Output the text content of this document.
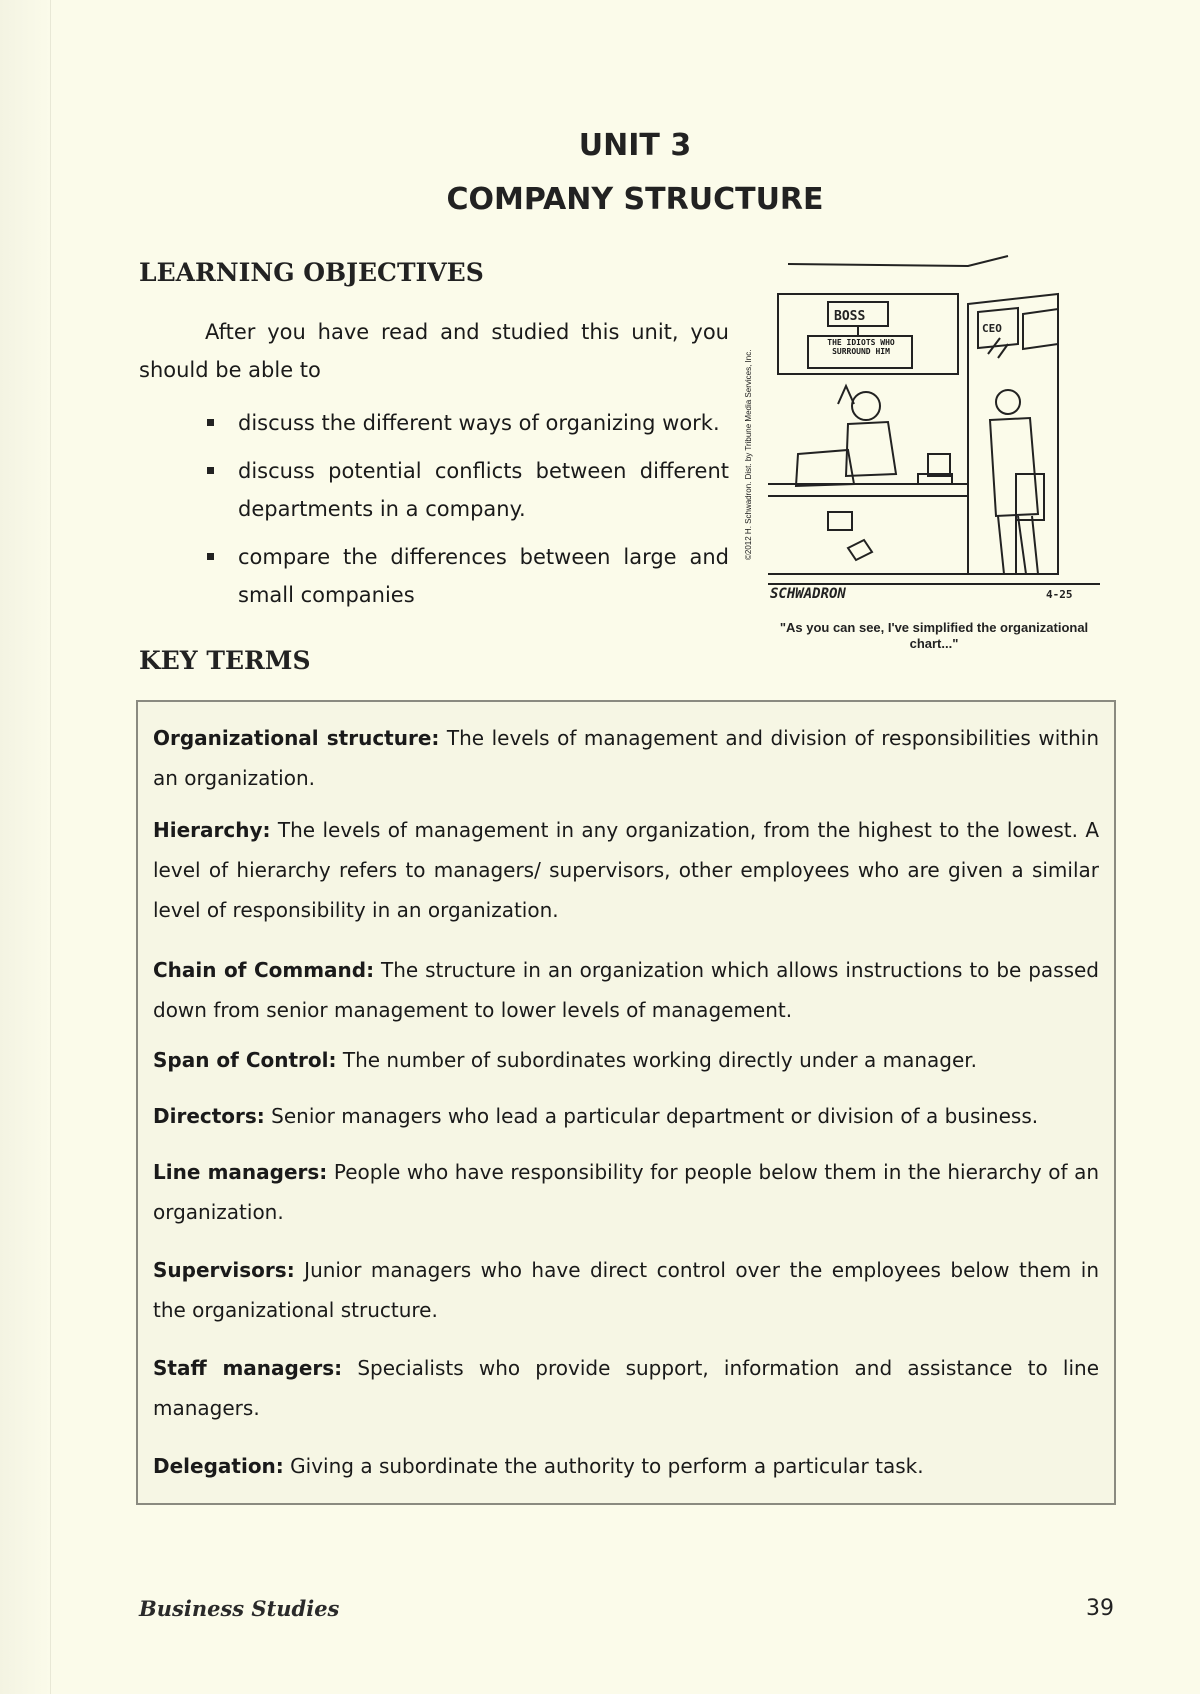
UNIT 3
COMPANY STRUCTURE
LEARNING OBJECTIVES
After you have read and studied this unit, you should be able to
discuss the different ways of organizing work.
discuss potential conflicts between different departments in a company.
compare the differences between large and small companies
©2012 H. Schwadron. Dist. by Tribune Media Services, Inc.
BOSS
THE IDIOTS WHO SURROUND HIM
CEO
SCHWADRON	4-25
"As you can see, I've simplified the organizational chart..."
KEY TERMS
Organizational structure: The levels of management and division of responsibilities within an organization.
Hierarchy: The levels of management in any organization, from the highest to the lowest. A level of hierarchy refers to managers/ supervisors, other employees who are given a similar level of responsibility in an organization.
Chain of Command: The structure in an organization which allows instructions to be passed down from senior management to lower levels of management.
Span of Control: The number of subordinates working directly under a manager.
Directors: Senior managers who lead a particular department or division of a business.
Line managers: People who have responsibility for people below them in the hierarchy of an organization.
Supervisors: Junior managers who have direct control over the employees below them in the organizational structure.
Staff managers: Specialists who provide support, information and assistance to line managers.
Delegation: Giving a subordinate the authority to perform a particular task.
Business Studies	39
